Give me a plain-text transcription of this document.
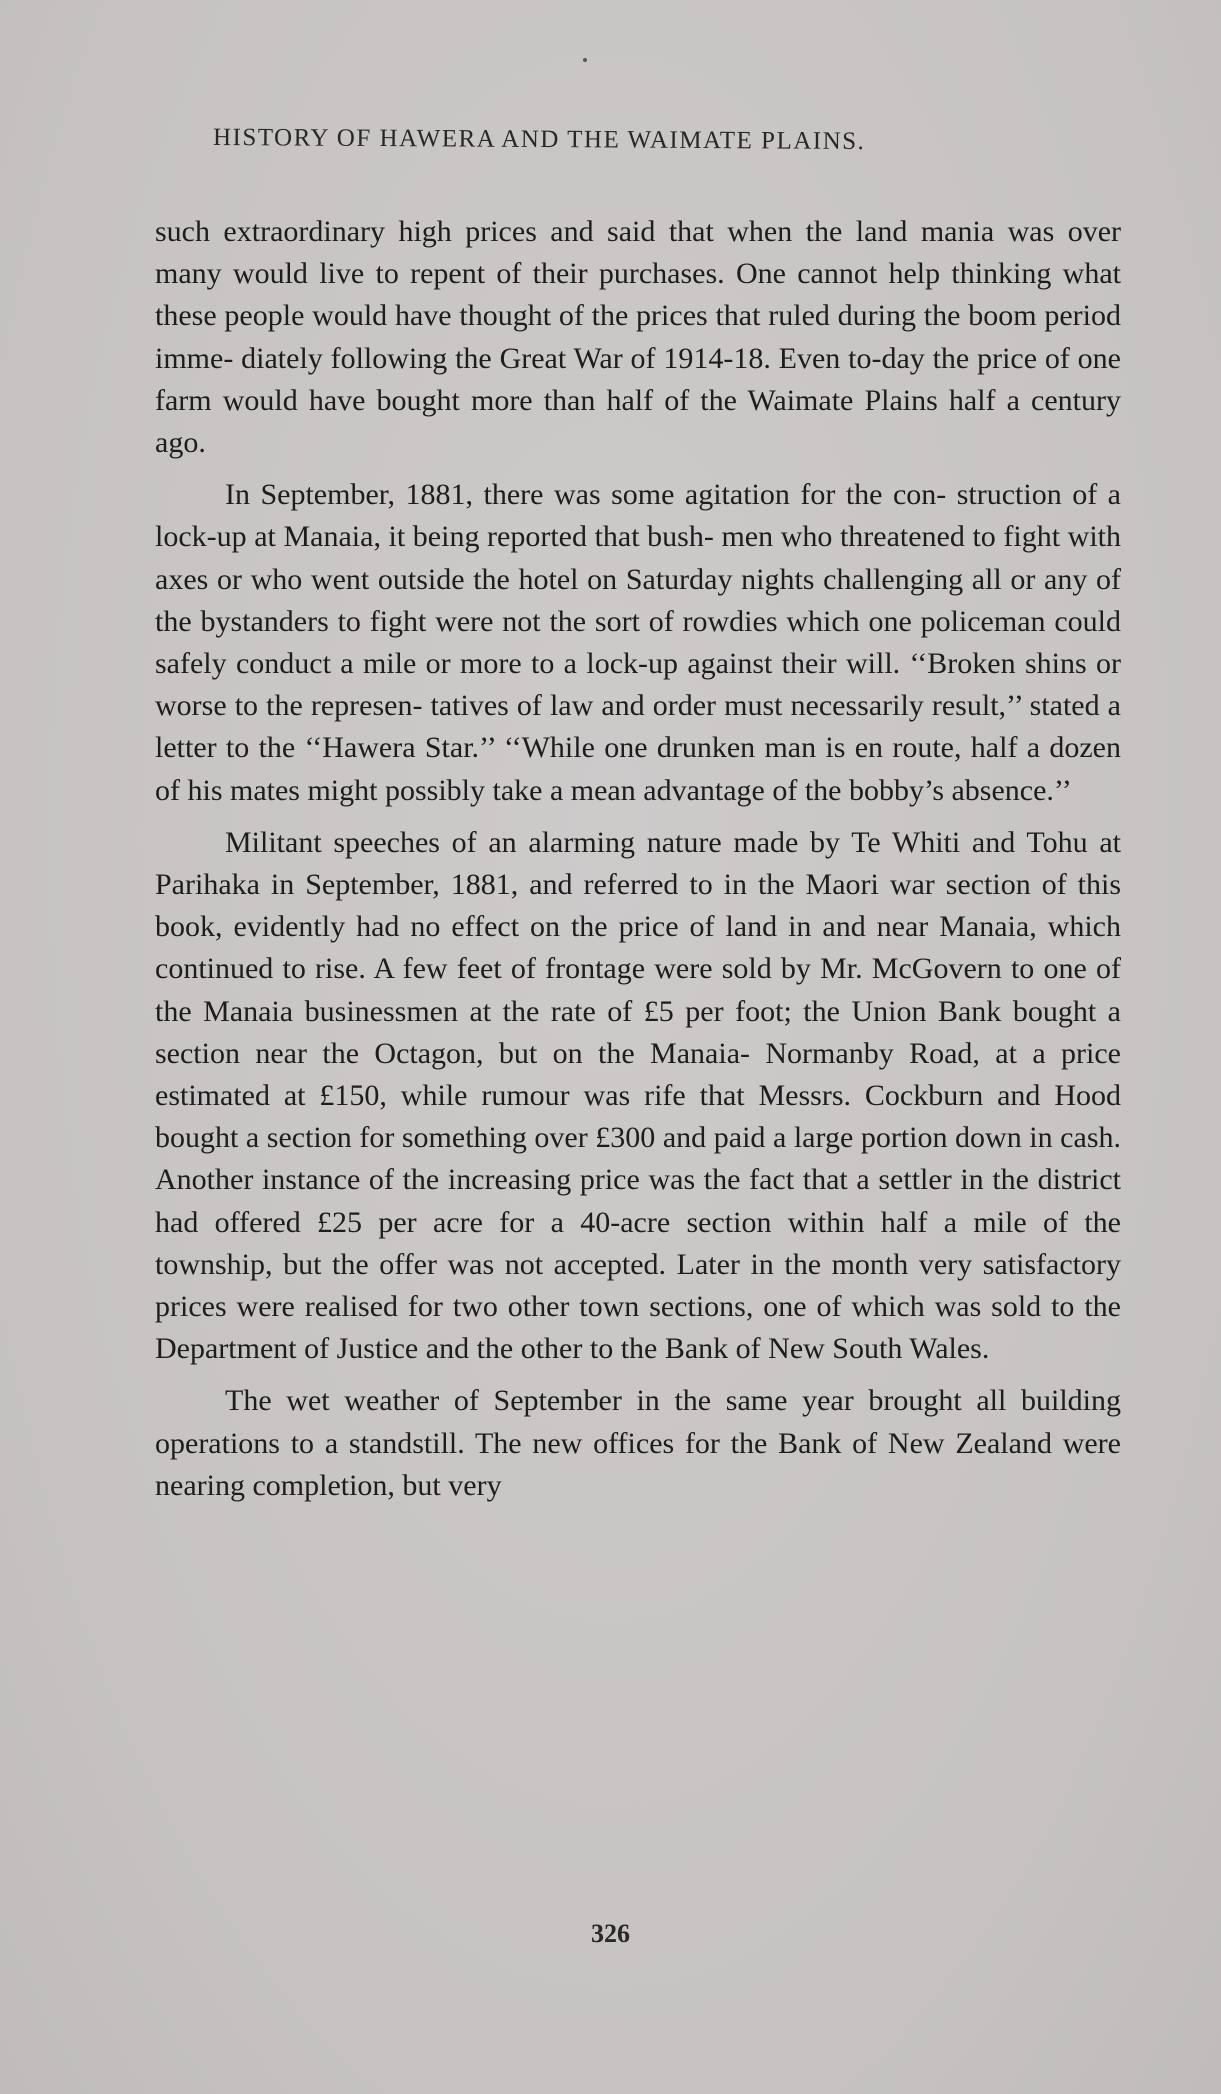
HISTORY OF HAWERA AND THE WAIMATE PLAINS.

such extraordinary high prices and said that when the land mania was over many would live to repent of their purchases. One cannot help thinking what these people would have thought of the prices that ruled during the boom period imme- diately following the Great War of 1914-18. Even to-day the price of one farm would have bought more than half of the Waimate Plains half a century ago.

In September, 1881, there was some agitation for the con- struction of a lock-up at Manaia, it being reported that bush- men who threatened to fight with axes or who went outside the hotel on Saturday nights challenging all or any of the bystanders to fight were not the sort of rowdies which one policeman could safely conduct a mile or more to a lock-up against their will. ‘‘Broken shins or worse to the represen- tatives of law and order must necessarily result,’’ stated a letter to the ‘‘Hawera Star.’’ ‘‘While one drunken man is en route, half a dozen of his mates might possibly take a mean advantage of the bobby’s absence.’’

Militant speeches of an alarming nature made by Te Whiti and Tohu at Parihaka in September, 1881, and referred to in the Maori war section of this book, evidently had no effect on the price of land in and near Manaia, which continued to rise. A few feet of frontage were sold by Mr. McGovern to one of the Manaia businessmen at the rate of £5 per foot; the Union Bank bought a section near the Octagon, but on the Manaia- Normanby Road, at a price estimated at £150, while rumour was rife that Messrs. Cockburn and Hood bought a section for something over £300 and paid a large portion down in cash. Another instance of the increasing price was the fact that a settler in the district had offered £25 per acre for a 40-acre section within half a mile of the township, but the offer was not accepted. Later in the month very satisfactory prices were realised for two other town sections, one of which was sold to the Department of Justice and the other to the Bank of New South Wales.

The wet weather of September in the same year brought all building operations to a standstill. The new offices for the Bank of New Zealand were nearing completion, but very

326
